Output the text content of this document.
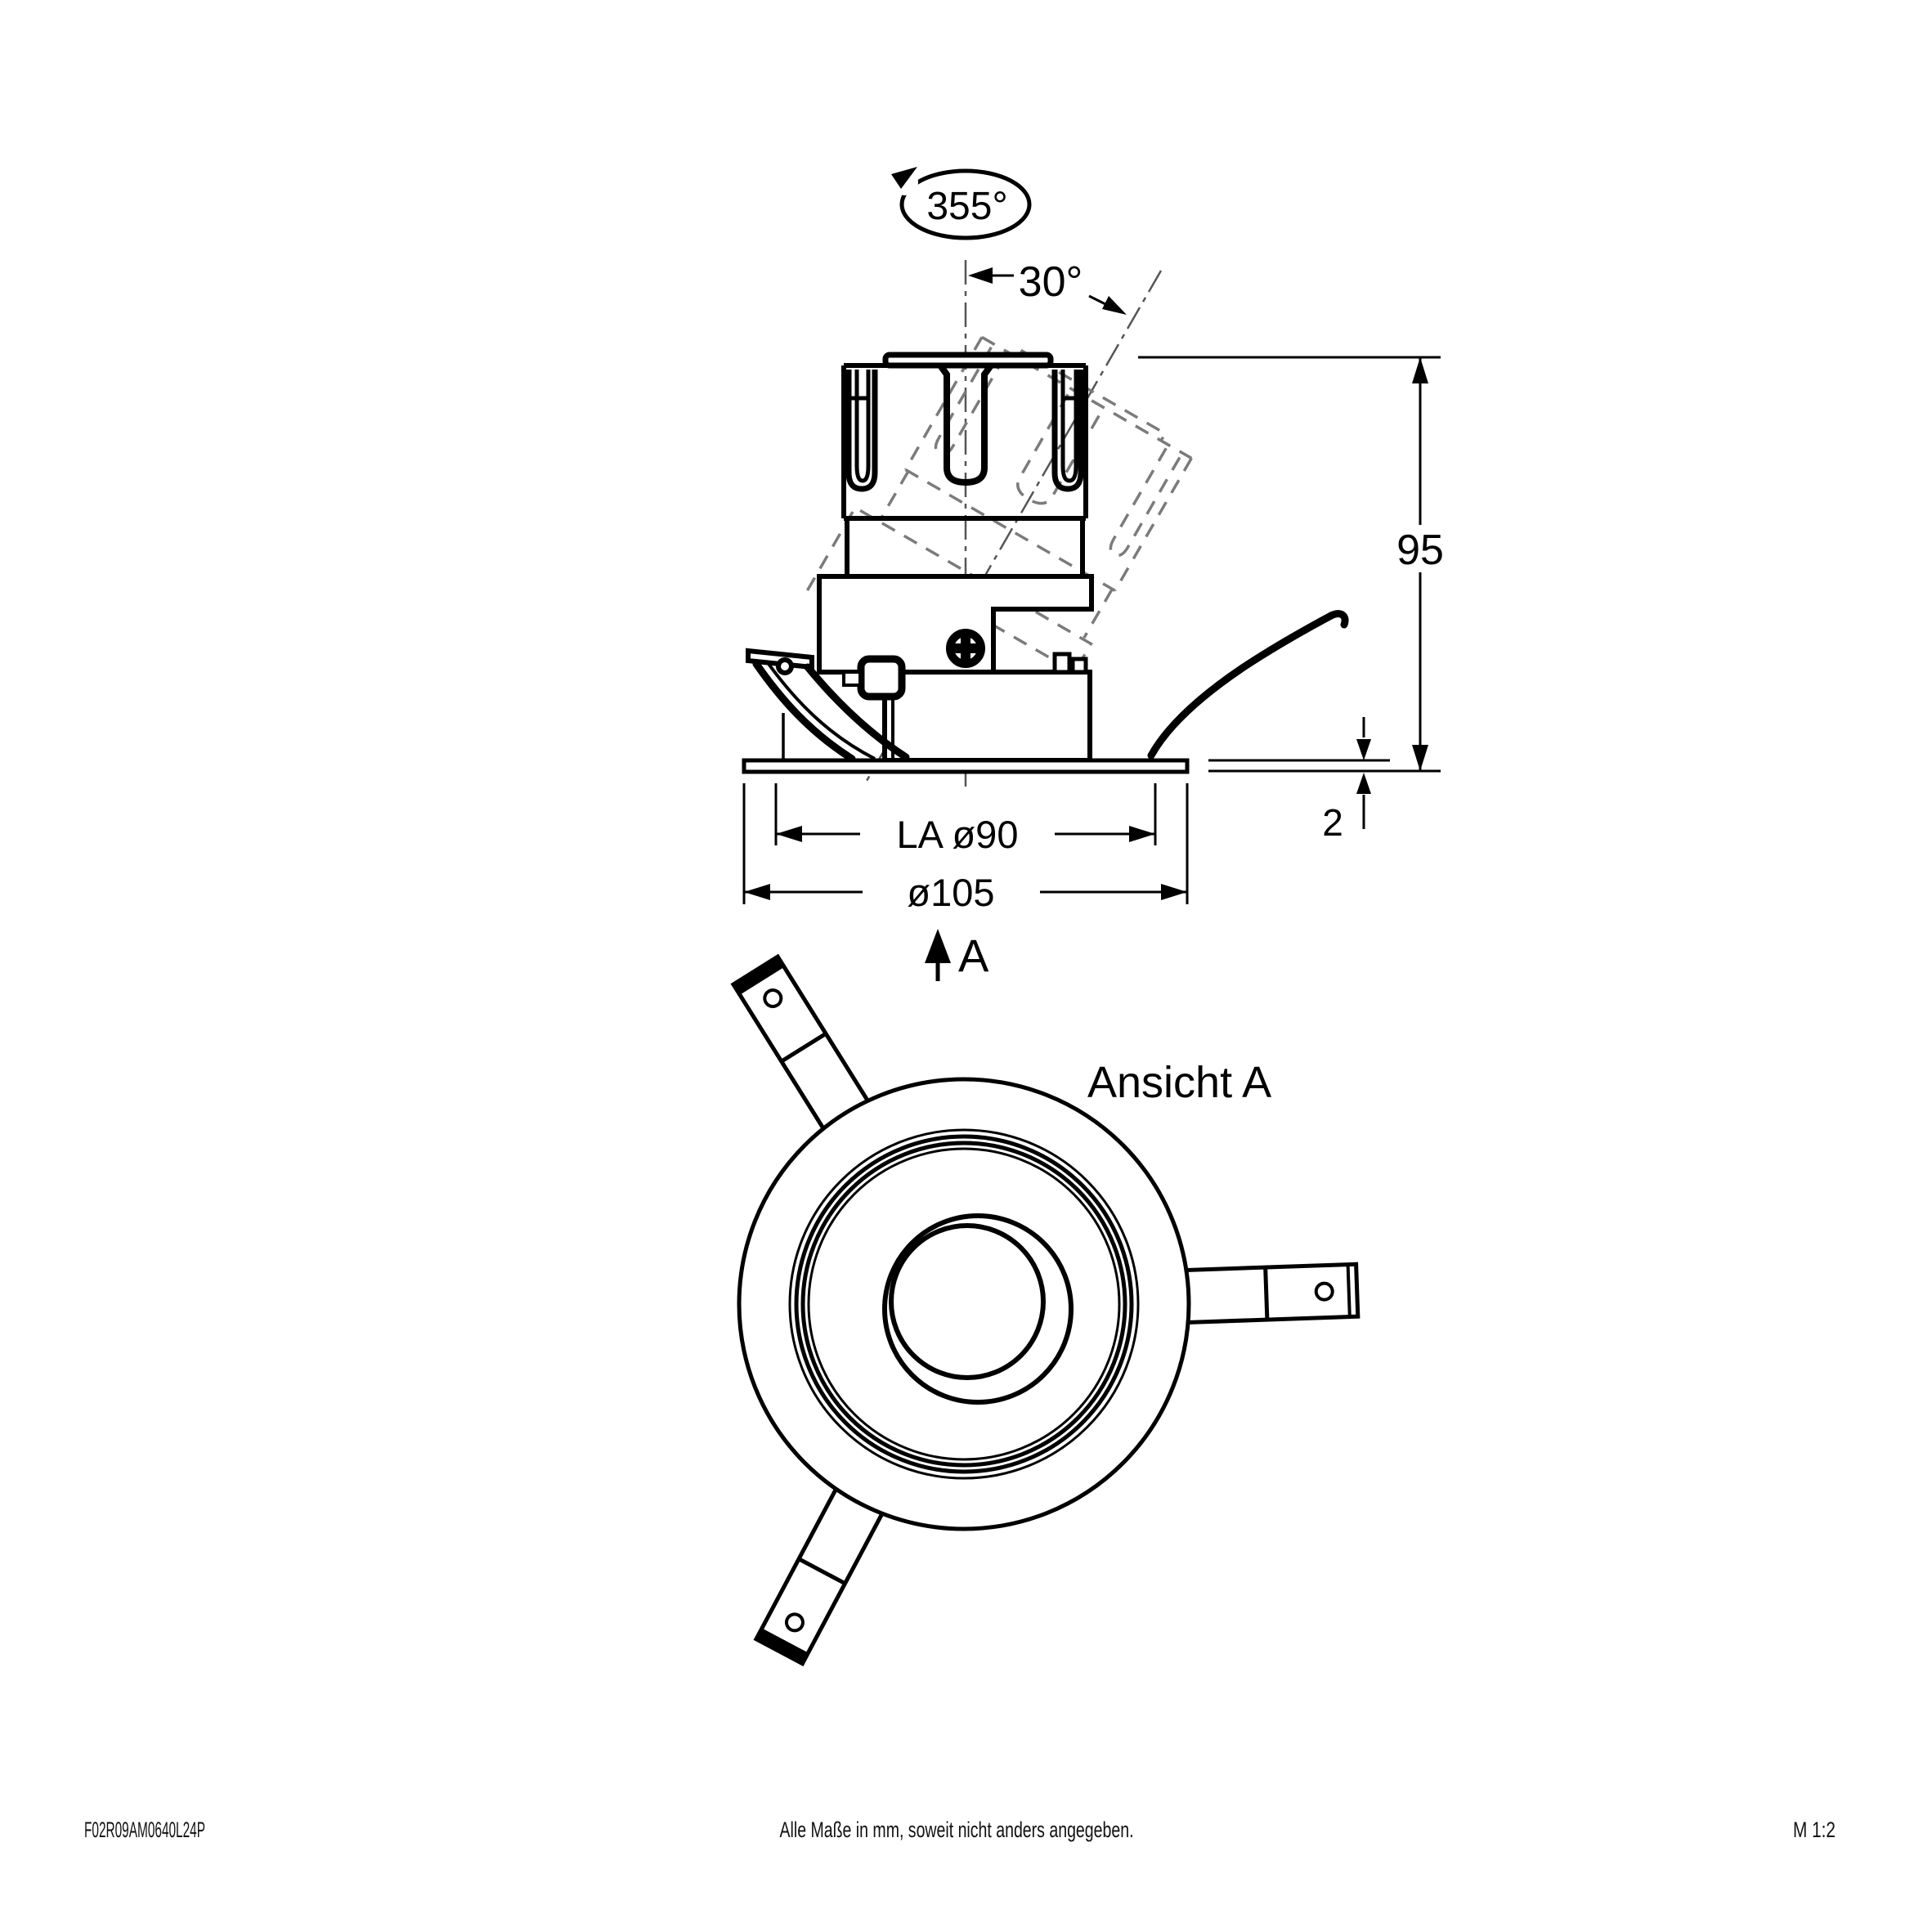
355°
30°
95
2
LA ø90
ø105
A
Ansicht A
F02R09AM0640L24P	Alle Maße in mm, soweit nicht anders angegeben.	M 1:2
